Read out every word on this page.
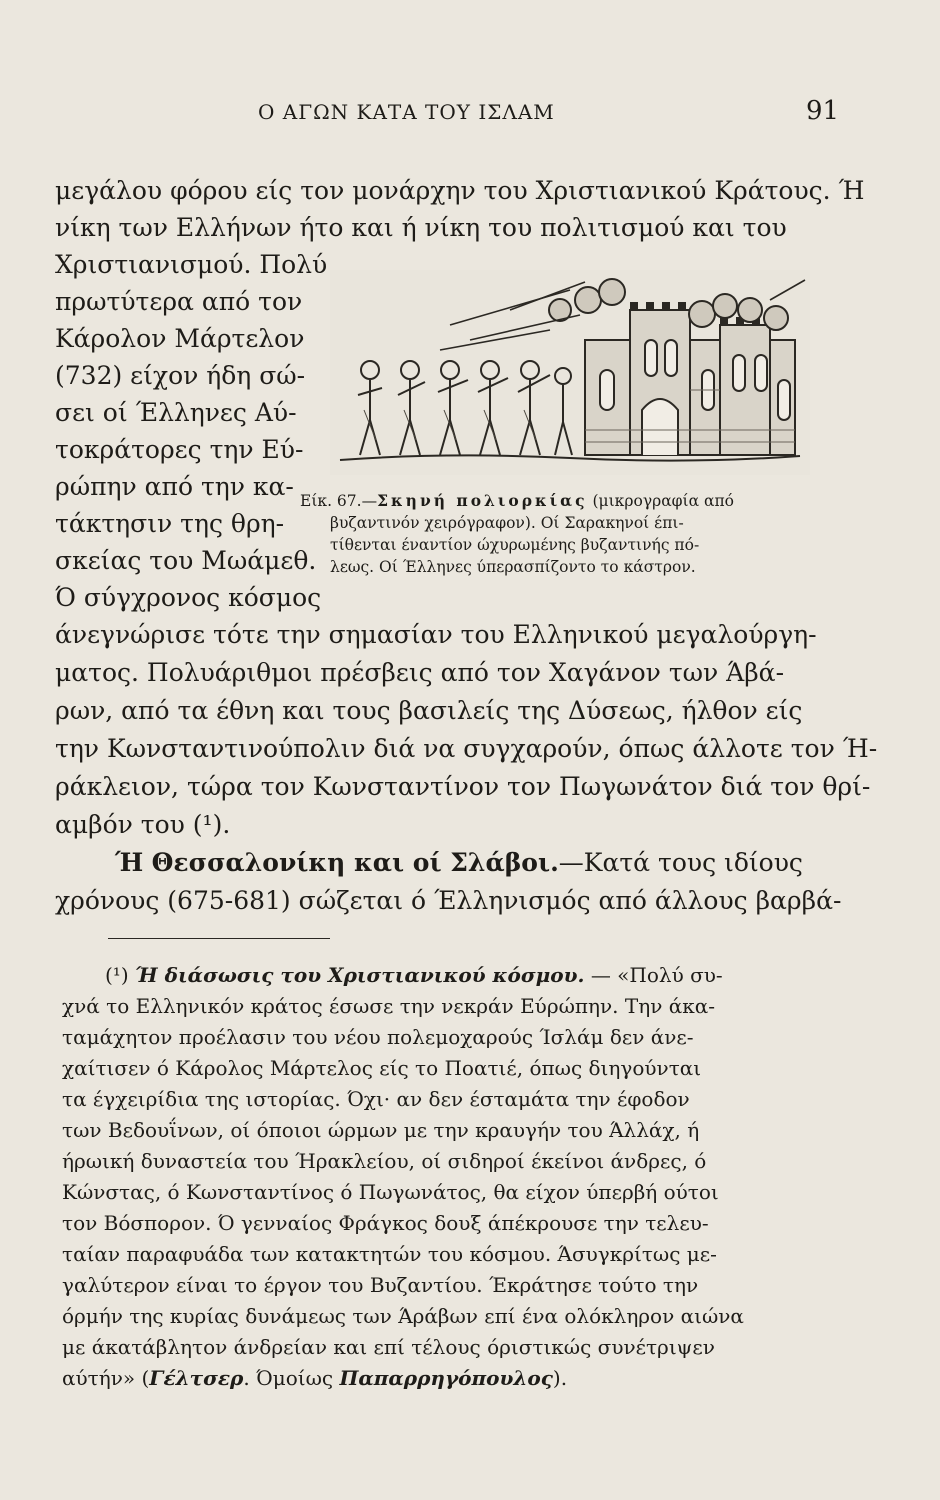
Ο ΑΓΩΝ ΚΑΤΑ ΤΟΥ ΙΣΛΑΜ	91
μεγάλου φόρου είς τον μονάρχην του Χριστιανικού Κράτους. Ή
νίκη των Ελλήνων ήτο και ή νίκη του πολιτισμού και του
Χριστιανισμού. Πολύ
πρωτύτερα από τον
Κάρολον Μάρτελον
(732) είχον ήδη σώ-
σει οί Έλληνες Αύ-
τοκράτορες την Εύ-
ρώπην από την κα-
τάκτησιν της θρη-
σκείας του Μωάμεθ.
Ό σύγχρονος κόσμος
Είκ. 67.—Σκηνή πολιορκίας (μικρογραφία από
βυζαντινόν χειρόγραφον). Οί Σαρακηνοί έπι-
τίθενται έναντίον ώχυρωμένης βυζαντινής πό-
λεως. Οί Έλληνες ύπερασπίζοντο το κάστρον.
άνεγνώρισε τότε την σημασίαν του Ελληνικού μεγαλούργη-
ματος. Πολυάριθμοι πρέσβεις από τον Χαγάνον των Άβά-
ρων, από τα έθνη και τους βασιλείς της Δύσεως, ήλθον είς
την Κωνσταντινούπολιν διά να συγχαρούν, όπως άλλοτε τον Ή-
ράκλειον, τώρα τον Κωνσταντίνον τον Πωγωνάτον διά τον θρί-
αμβόν του (¹).
Ή Θεσσαλονίκη και οί Σλάβοι.—Κατά τους ιδίους
χρόνους (675-681) σώζεται ό Έλληνισμός από άλλους βαρβά-
(¹) Ή διάσωσις του Χριστιανικού κόσμου. — «Πολύ συ-
χνά το Ελληνικόν κράτος έσωσε την νεκράν Εύρώπην. Την άκα-
ταμάχητον προέλασιν του νέου πολεμοχαρούς Ίσλάμ δεν άνε-
χαίτισεν ό Κάρολος Μάρτελος είς το Ποατιέ, όπως διηγούνται
τα έγχειρίδια της ιστορίας. Όχι· αν δεν έσταμάτα την έφοδον
των Βεδουΐνων, οί όποιοι ώρμων με την κραυγήν του Άλλάχ, ή
ήρωική δυναστεία του Ήρακλείου, οί σιδηροί έκείνοι άνδρες, ό
Κώνστας, ό Κωνσταντίνος ό Πωγωνάτος, θα είχον ύπερβή ούτοι
τον Βόσπορον. Ό γενναίος Φράγκος δουξ άπέκρουσε την τελευ-
ταίαν παραφυάδα των κατακτητών του κόσμου. Άσυγκρίτως με-
γαλύτερον είναι το έργον του Βυζαντίου. Έκράτησε τούτο την
όρμήν της κυρίας δυνάμεως των Άράβων επί ένα ολόκληρον αιώνα
με άκατάβλητον άνδρείαν και επί τέλους όριστικώς συνέτριψεν
αύτήν» (Γέλτσερ. Όμοίως Παπαρρηγόπουλος).
